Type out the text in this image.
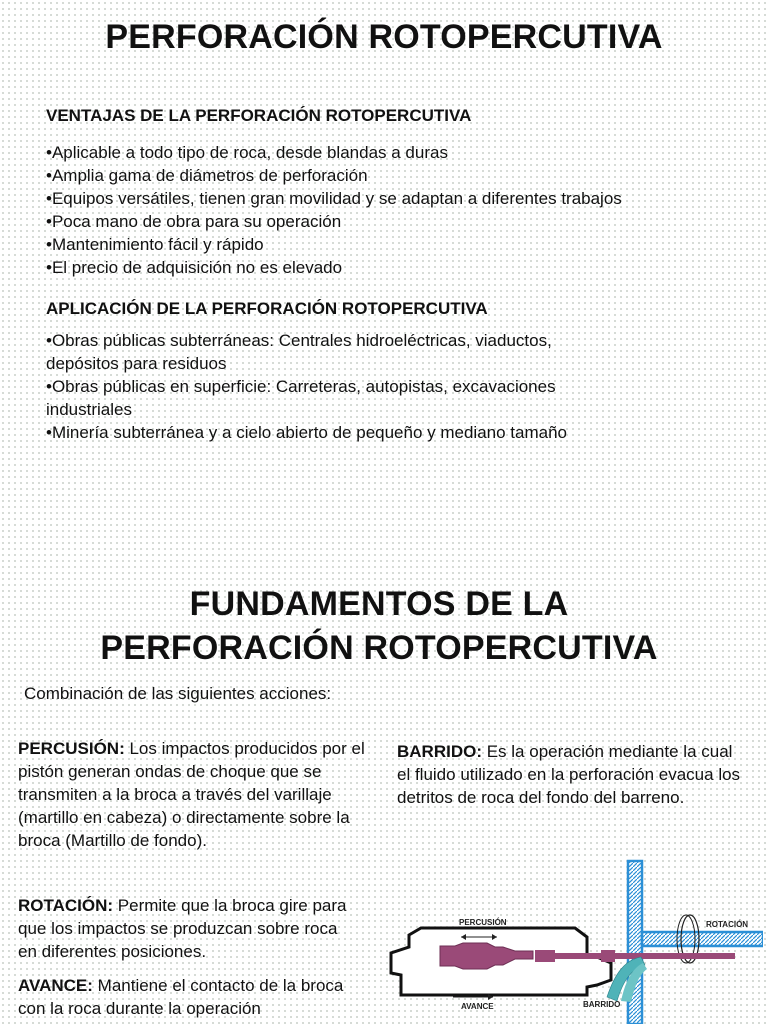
PERFORACIÓN ROTOPERCUTIVA
VENTAJAS DE LA PERFORACIÓN ROTOPERCUTIVA
•Aplicable a todo tipo de roca, desde blandas a duras
•Amplia gama de diámetros de perforación
•Equipos versátiles, tienen gran movilidad y se adaptan a diferentes trabajos
•Poca mano de obra para su operación
•Mantenimiento fácil y rápido
•El precio de adquisición no es elevado
APLICACIÓN DE LA PERFORACIÓN ROTOPERCUTIVA
•Obras públicas subterráneas: Centrales hidroeléctricas, viaductos, depósitos para residuos
•Obras públicas en superficie: Carreteras, autopistas, excavaciones industriales
•Minería subterránea y a cielo abierto de pequeño y mediano tamaño
FUNDAMENTOS DE LA
PERFORACIÓN ROTOPERCUTIVA
Combinación de las siguientes acciones:
PERCUSIÓN: Los impactos producidos por el pistón generan ondas de choque que se transmiten a la broca a través del varillaje (martillo en cabeza) o directamente sobre la broca (Martillo de fondo).
ROTACIÓN: Permite que la broca gire para que los impactos se produzcan sobre roca en diferentes posiciones.
AVANCE: Mantiene el contacto de la broca con la roca durante la operación
BARRIDO: Es la operación mediante la cual el fluido utilizado en la perforación evacua los detritos de roca del fondo del barreno.
PERCUSIÓN	ROTACIÓN
AVANCE	BARRIDO
